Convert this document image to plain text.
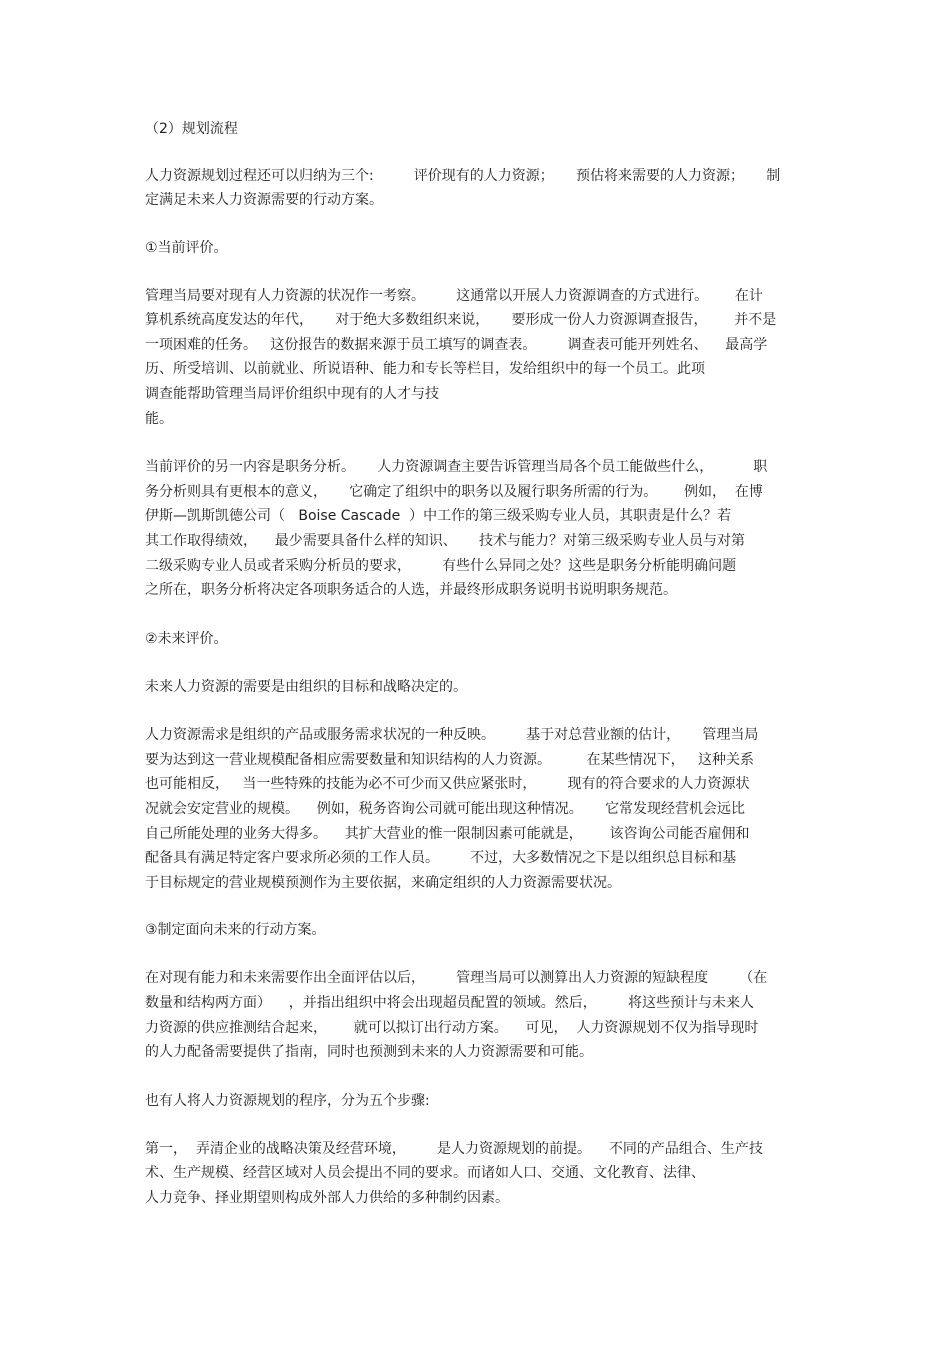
（2）规划流程
人力资源规划过程还可以归纳为三个:         评价现有的人力资源；     预估将来需要的人力资源；     制
定满足未来人力资源需要的行动方案。
①当前评价。
管理当局要对现有人力资源的状况作一考察。       这通常以开展人力资源调查的方式进行。      在计
算机系统高度发达的年代，     对于绝大多数组织来说，     要形成一份人力资源调查报告，      并不是
一项困难的任务。   这份报告的数据来源于员工填写的调查表。       调查表可能开列姓名、    最高学
历、所受培训、以前就业、所说语种、能力和专长等栏目，发给组织中的每一个员工。此项
调查能帮助管理当局评价组织中现有的人才与技
能。
当前评价的另一内容是职务分析。     人力资源调查主要告诉管理当局各个员工能做些什么，         职
务分析则具有更根本的意义，     它确定了组织中的职务以及履行职务所需的行为。      例如，  在博
伊斯—凯斯凯德公司（   Boise Cascade  ）中工作的第三级采购专业人员，其职责是什么？若
其工作取得绩效，    最少需要具备什么样的知识、     技术与能力？对第三级采购专业人员与对第
二级采购专业人员或者采购分析员的要求，       有些什么异同之处？这些是职务分析能明确问题
之所在，职务分析将决定各项职务适合的人选，并最终形成职务说明书说明职务规范。
②未来评价。
未来人力资源的需要是由组织的目标和战略决定的。
人力资源需求是组织的产品或服务需求状况的一种反映。       基于对总营业额的估计，     管理当局
要为达到这一营业规模配备相应需要数量和知识结构的人力资源。        在某些情况下，   这种关系
也可能相反，   当一些特殊的技能为必不可少而又供应紧张时，       现有的符合要求的人力资源状
况就会安定营业的规模。    例如，税务咨询公司就可能出现这种情况。     它常发现经营机会远比
自己所能处理的业务大得多。    其扩大营业的惟一限制因素可能就是，      该咨询公司能否雇佣和
配备具有满足特定客户要求所必须的工作人员。       不过，大多数情况之下是以组织总目标和基
于目标规定的营业规模预测作为主要依据，来确定组织的人力资源需要状况。
③制定面向未来的行动方案。
在对现有能力和未来需要作出全面评估以后，       管理当局可以测算出人力资源的短缺程度       （在
数量和结构两方面）    ，并指出组织中将会出现超员配置的领域。然后，       将这些预计与未来人
力资源的供应推测结合起来，      就可以拟订出行动方案。    可见，  人力资源规划不仅为指导现时
的人力配备需要提供了指南，同时也预测到未来的人力资源需要和可能。
也有人将人力资源规划的程序，分为五个步骤:
第一，  弄清企业的战略决策及经营环境，       是人力资源规划的前提。    不同的产品组合、生产技
术、生产规模、经营区域对人员会提出不同的要求。而诸如人口、交通、文化教育、法律、
人力竞争、择业期望则构成外部人力供给的多种制约因素。
